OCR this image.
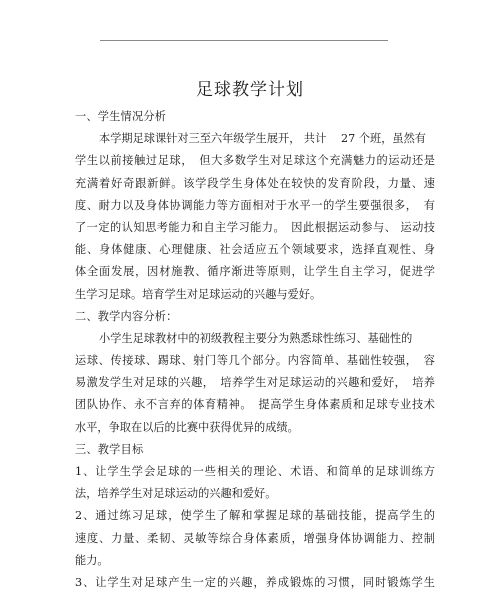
足球教学计划
一、学生情况分析
本学期足球课针对三至六年级学生展开， 共计　 27 个班，虽然有
学生以前接触过足球，　但大多数学生对足球这个充满魅力的运动还是
充满着好奇跟新鲜。该学段学生身体处在较快的发育阶段，力量、速
度、耐力以及身体协调能力等方面相对于水平一的学生要强很多，　有
了一定的认知思考能力和自主学习能力。　因此根据运动参与、 运动技
能、身体健康、心理健康、社会适应五个领域要求，选择直观性、身
体全面发展，因材施教、循序渐进等原则，让学生自主学习，促进学
生学习足球。培育学生对足球运动的兴趣与爱好。
二、教学内容分析：
小学生足球教材中的初级教程主要分为熟悉球性练习、基础性的
运球、传接球、踢球、射门等几个部分。内容简单、基础性较强，　容
易激发学生对足球的兴趣，　培养学生对足球运动的兴趣和爱好，　培养
团队协作、永不言弃的体育精神。　提高学生身体素质和足球专业技术
水平，争取在以后的比赛中获得优异的成绩。
三、教学目标
1、让学生学会足球的一些相关的理论、术语、和简单的足球训练方
法，培养学生对足球运动的兴趣和爱好。
2、通过练习足球，使学生了解和掌握足球的基础技能，提高学生的
速度、力量、柔韧、灵敏等综合身体素质，增强身体协调能力、控制
能力。
3、让学生对足球产生一定的兴趣，养成锻炼的习惯，同时锻炼学生
